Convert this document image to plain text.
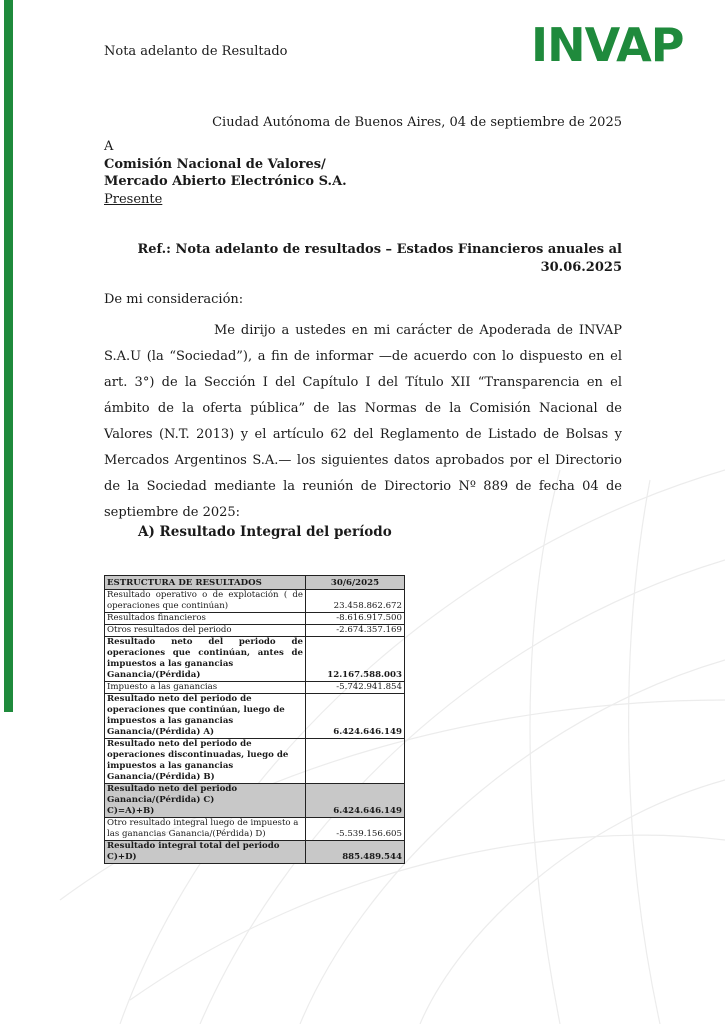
Nota adelanto de Resultado	INVAP
Ciudad Autónoma de Buenos Aires, 04 de septiembre de 2025
A
Comisión Nacional de Valores/
Mercado Abierto Electrónico S.A.
Presente
Ref.: Nota adelanto de resultados – Estados Financieros anuales al
30.06.2025
De mi consideración:
Me dirijo a ustedes en mi carácter de Apoderada de INVAP S.A.U (la “Sociedad”), a fin de informar —de acuerdo con lo dispuesto en el art. 3°) de la Sección I del Capítulo I del Título XII “Transparencia en el ámbito de la oferta pública” de las Normas de la Comisión Nacional de Valores (N.T. 2013) y el artículo 62 del Reglamento de Listado de Bolsas y Mercados Argentinos S.A.— los siguientes datos aprobados por el Directorio de la Sociedad mediante la reunión de Directorio Nº 889 de fecha 04 de septiembre de 2025:
A) Resultado Integral del período
ESTRUCTURA DE RESULTADOS	30/6/2025
Resultado operativo o de explotación ( de operaciones que continúan)	23.458.862.672
Resultados financieros	-8.616.917.500
Otros resultados del periodo	-2.674.357.169

Resultado neto del periodo de operaciones que continúan, antes de impuestos a las ganancias
Ganancia/(Pérdida)	12.167.588.003
Impuesto a las ganancias	-5.742.941.854

Resultado neto del periodo de operaciones que continúan, luego de impuestos a las ganancias
Ganancia/(Pérdida) A)	6.424.646.149

Resultado neto del periodo de operaciones discontinuadas, luego de impuestos a las ganancias
Ganancia/(Pérdida) B)	

Resultado neto del periodo
Ganancia/(Pérdida) C)
C)=A)+B)	6.424.646.149
Otro resultado integral luego de impuesto a las ganancias Ganancia/(Pérdida) D)	-5.539.156.605

Resultado integral total del periodo
C)+D)	885.489.544
